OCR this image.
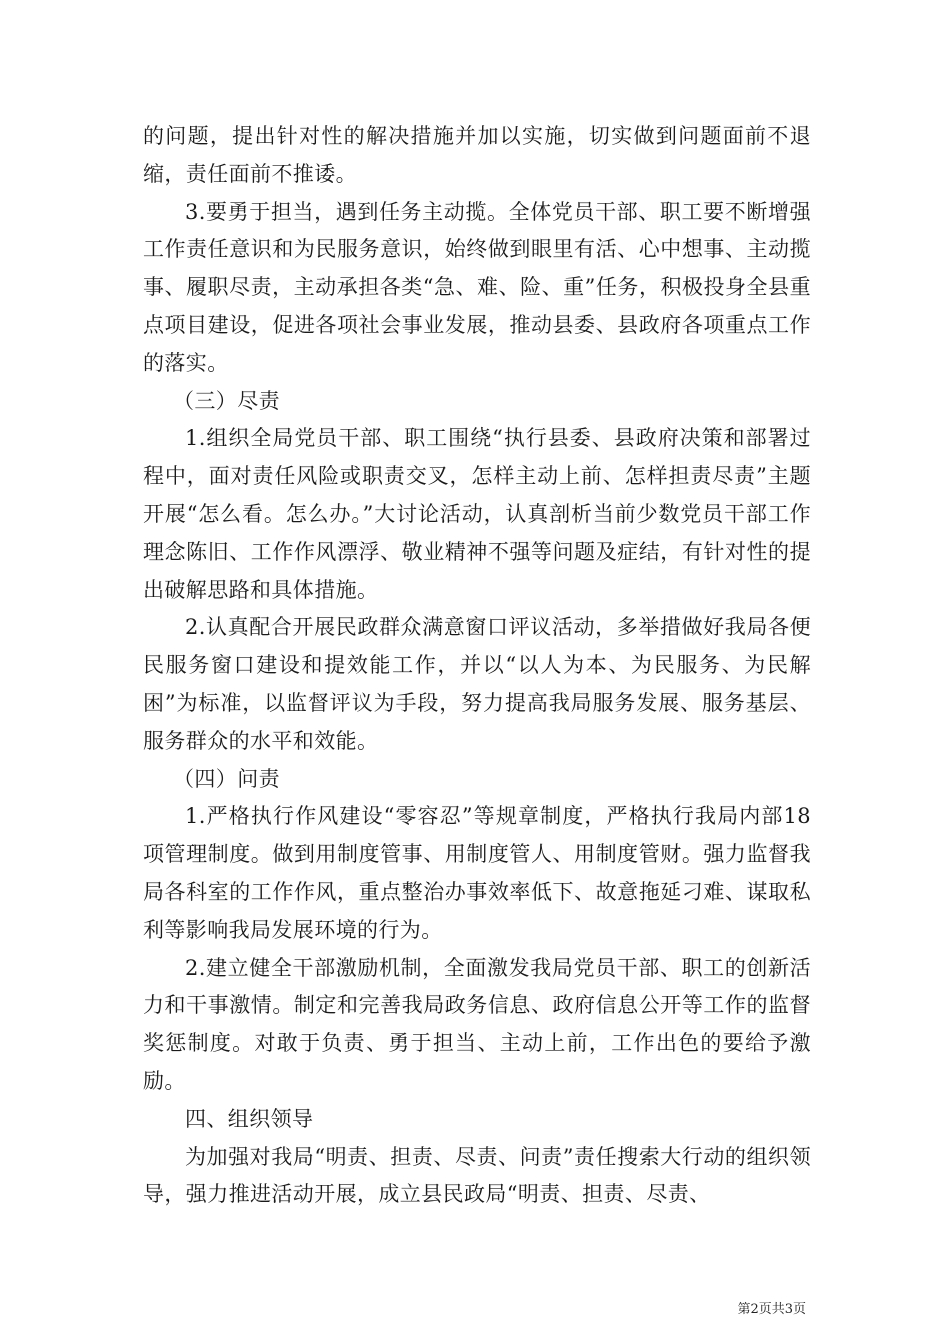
的问题，提出针对性的解决措施并加以实施，切实做到问题面前不退缩，责任面前不推诿。

3.要勇于担当，遇到任务主动揽。全体党员干部、职工要不断增强工作责任意识和为民服务意识，始终做到眼里有活、心中想事、主动揽事、履职尽责，主动承担各类“急、难、险、重”任务，积极投身全县重点项目建设，促进各项社会事业发展，推动县委、县政府各项重点工作的落实。

（三）尽责

1.组织全局党员干部、职工围绕“执行县委、县政府决策和部署过程中，面对责任风险或职责交叉，怎样主动上前、怎样担责尽责”主题开展“怎么看。怎么办。”大讨论活动，认真剖析当前少数党员干部工作理念陈旧、工作作风漂浮、敬业精神不强等问题及症结，有针对性的提出破解思路和具体措施。

2.认真配合开展民政群众满意窗口评议活动，多举措做好我局各便民服务窗口建设和提效能工作，并以“以人为本、为民服务、为民解困”为标准，以监督评议为手段，努力提高我局服务发展、服务基层、服务群众的水平和效能。

（四）问责

1.严格执行作风建设“零容忍”等规章制度，严格执行我局内部18项管理制度。做到用制度管事、用制度管人、用制度管财。强力监督我局各科室的工作作风，重点整治办事效率低下、故意拖延刁难、谋取私利等影响我局发展环境的行为。

2.建立健全干部激励机制，全面激发我局党员干部、职工的创新活力和干事激情。制定和完善我局政务信息、政府信息公开等工作的监督奖惩制度。对敢于负责、勇于担当、主动上前，工作出色的要给予激励。

四、组织领导

为加强对我局“明责、担责、尽责、问责”责任搜索大行动的组织领导，强力推进活动开展，成立县民政局“明责、担责、尽责、

第2页共3页
